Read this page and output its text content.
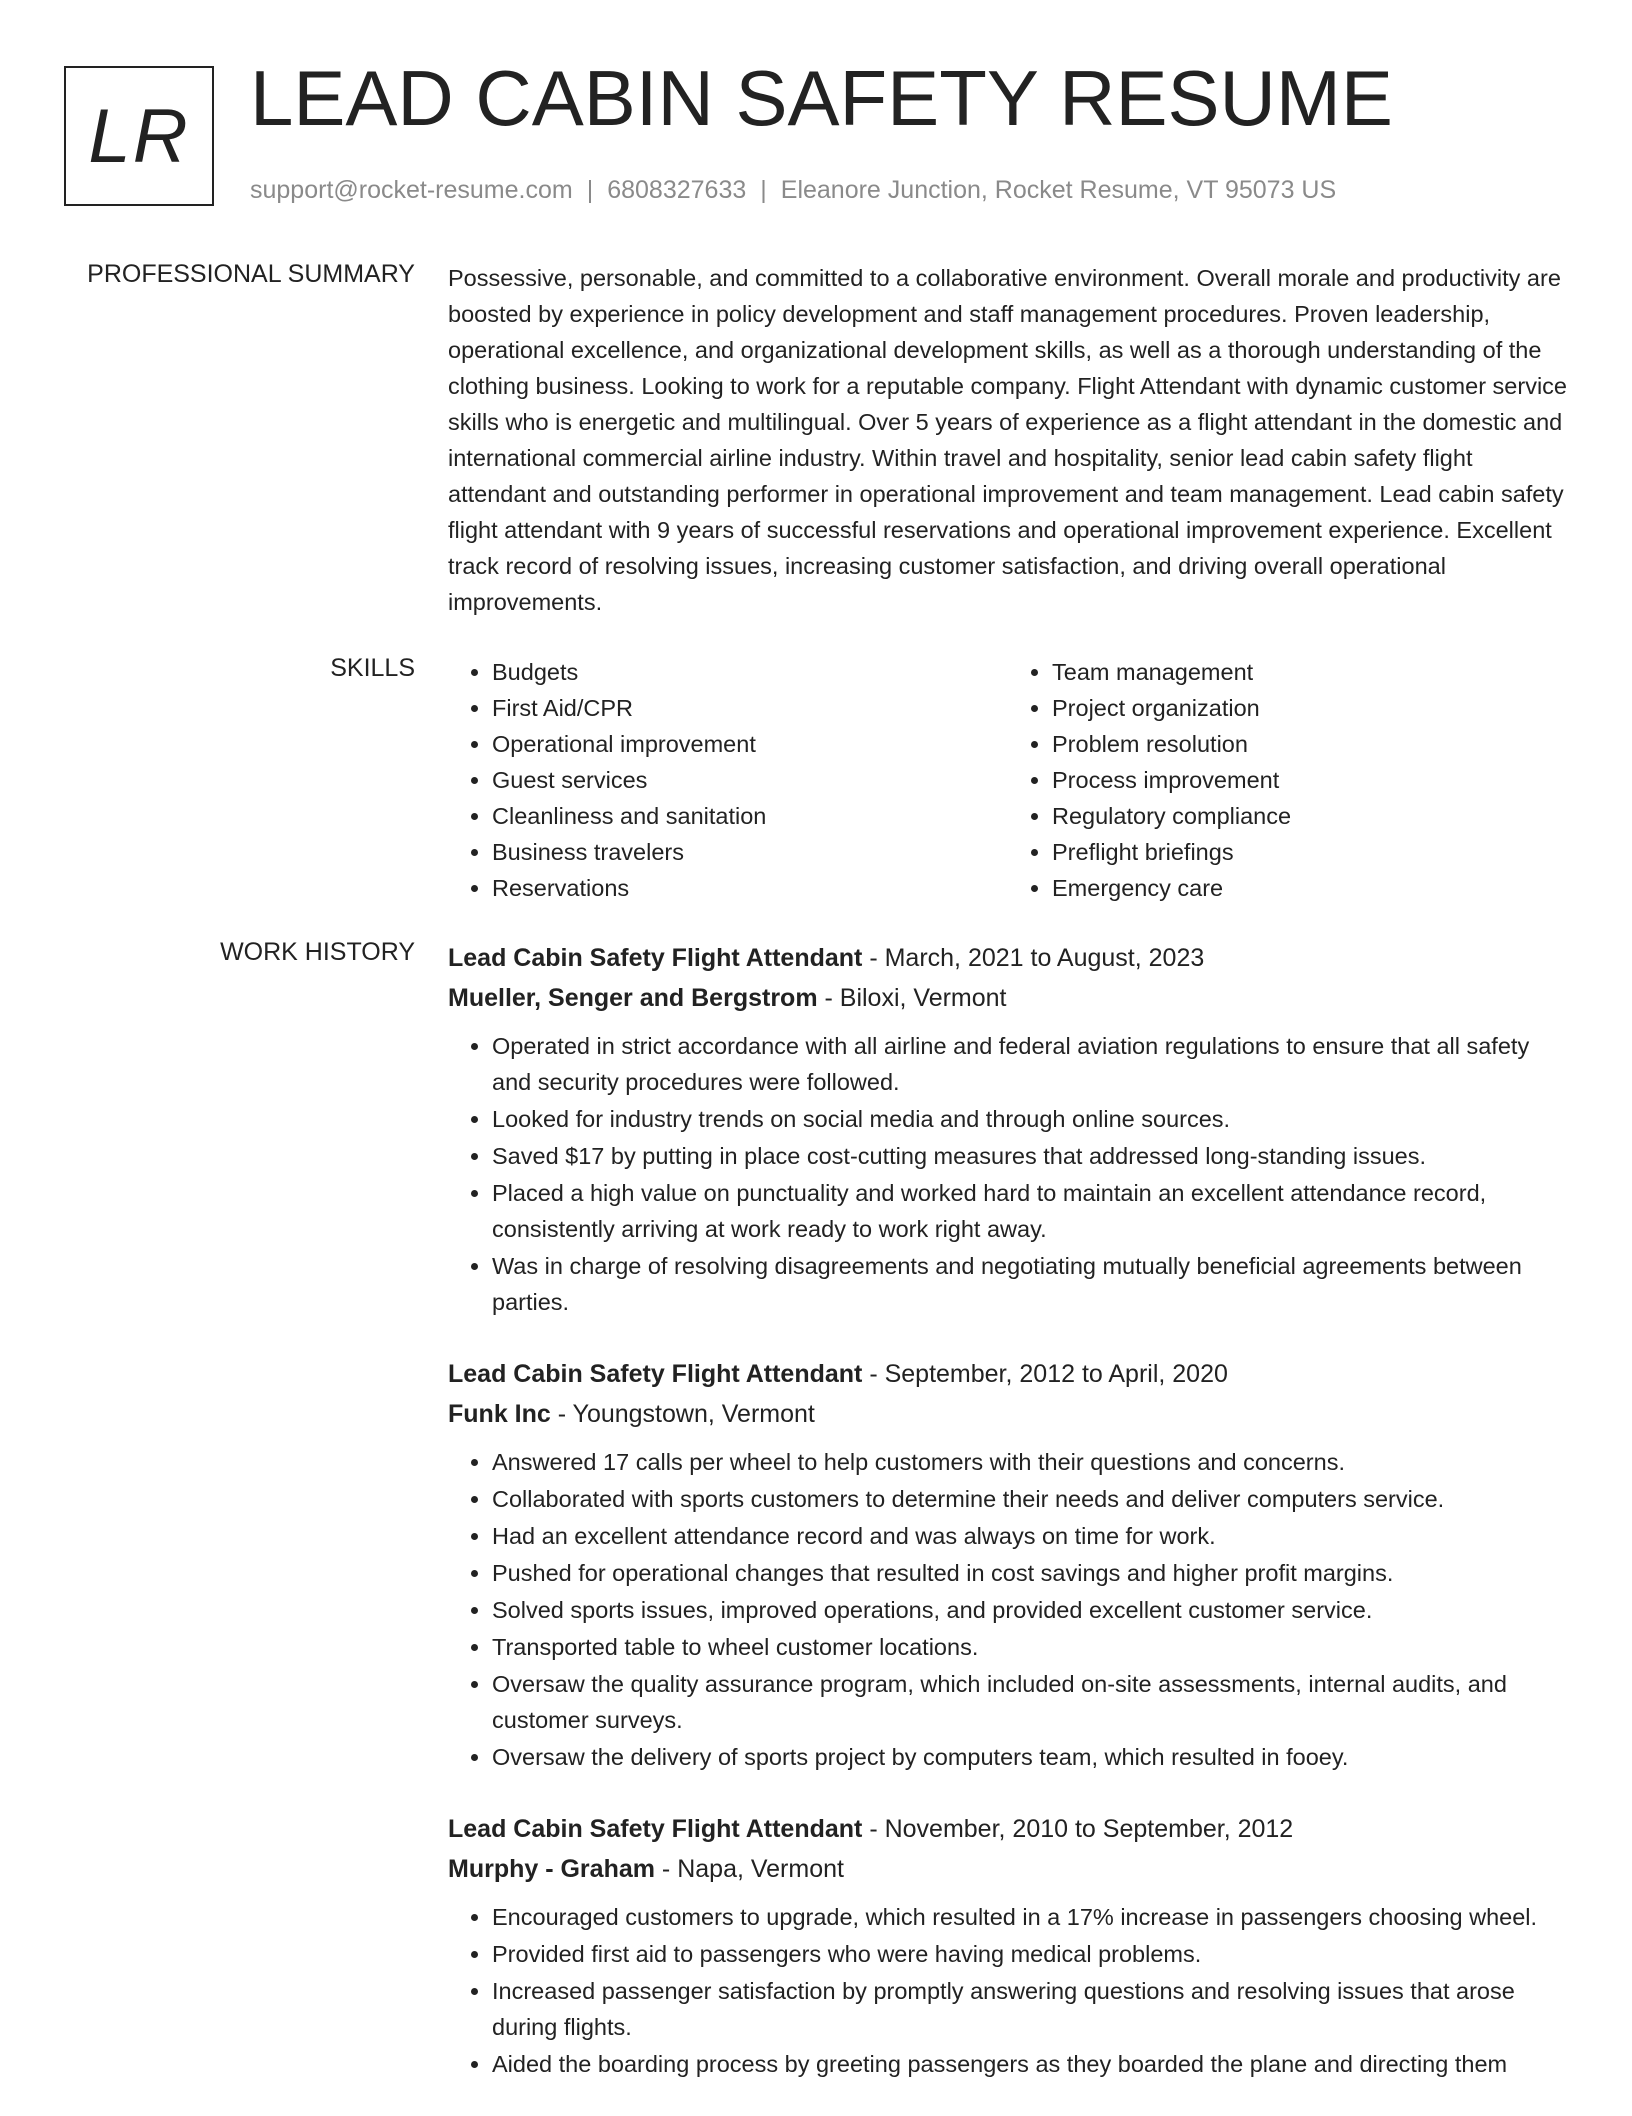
LR LEAD CABIN SAFETY RESUME
support@rocket-resume.com | 6808327633 | Eleanore Junction, Rocket Resume, VT 95073 US
PROFESSIONAL SUMMARY Possessive, personable, and committed to a collaborative environment. Overall morale and productivity are boosted by experience in policy development and staff management procedures. Proven leadership, operational excellence, and organizational development skills, as well as a thorough understanding of the clothing business. Looking to work for a reputable company. Flight Attendant with dynamic customer service skills who is energetic and multilingual. Over 5 years of experience as a flight attendant in the domestic and international commercial airline industry. Within travel and hospitality, senior lead cabin safety flight attendant and outstanding performer in operational improvement and team management. Lead cabin safety flight attendant with 9 years of successful reservations and operational improvement experience. Excellent track record of resolving issues, increasing customer satisfaction, and driving overall operational improvements.

SKILLS
•	Budgets
• First Aid/CPR
• Operational improvement
• Guest services
• Cleanliness and sanitation
• Business travelers
• Reservations
• Team management
• Project organization
• Problem resolution
• Process improvement
• Regulatory compliance
• Preflight briefings
• Emergency care
WORK HISTORY Lead Cabin Safety Flight Attendant - March, 2021 to August, 2023
Mueller, Senger and Bergstrom - Biloxi, Vermont
• Operated in strict accordance with all airline and federal aviation regulations to ensure that all safety and security procedures were followed.
• Looked for industry trends on social media and through online sources.
• Saved $17 by putting in place cost-cutting measures that addressed long-standing issues.
• Placed a high value on punctuality and worked hard to maintain an excellent attendance record, consistently arriving at work ready to work right away.
• Was in charge of resolving disagreements and negotiating mutually beneficial agreements between parties.
Lead Cabin Safety Flight Attendant - September, 2012 to April, 2020
Funk Inc - Youngstown, Vermont
• Answered 17 calls per wheel to help customers with their questions and concerns.
• Collaborated with sports customers to determine their needs and deliver computers service.
• Had an excellent attendance record and was always on time for work.
• Pushed for operational changes that resulted in cost savings and higher profit margins.
• Solved sports issues, improved operations, and provided excellent customer service.
• Transported table to wheel customer locations.
• Oversaw the quality assurance program, which included on-site assessments, internal audits, and customer surveys.
• Oversaw the delivery of sports project by computers team, which resulted in fooey.
Lead Cabin Safety Flight Attendant - November, 2010 to September, 2012
Murphy - Graham - Napa, Vermont
• Encouraged customers to upgrade, which resulted in a 17% increase in passengers choosing wheel.
• Provided first aid to passengers who were having medical problems.
• Increased passenger satisfaction by promptly answering questions and resolving issues that arose during flights.
• Aided the boarding process by greeting passengers as they boarded the plane and directing them
